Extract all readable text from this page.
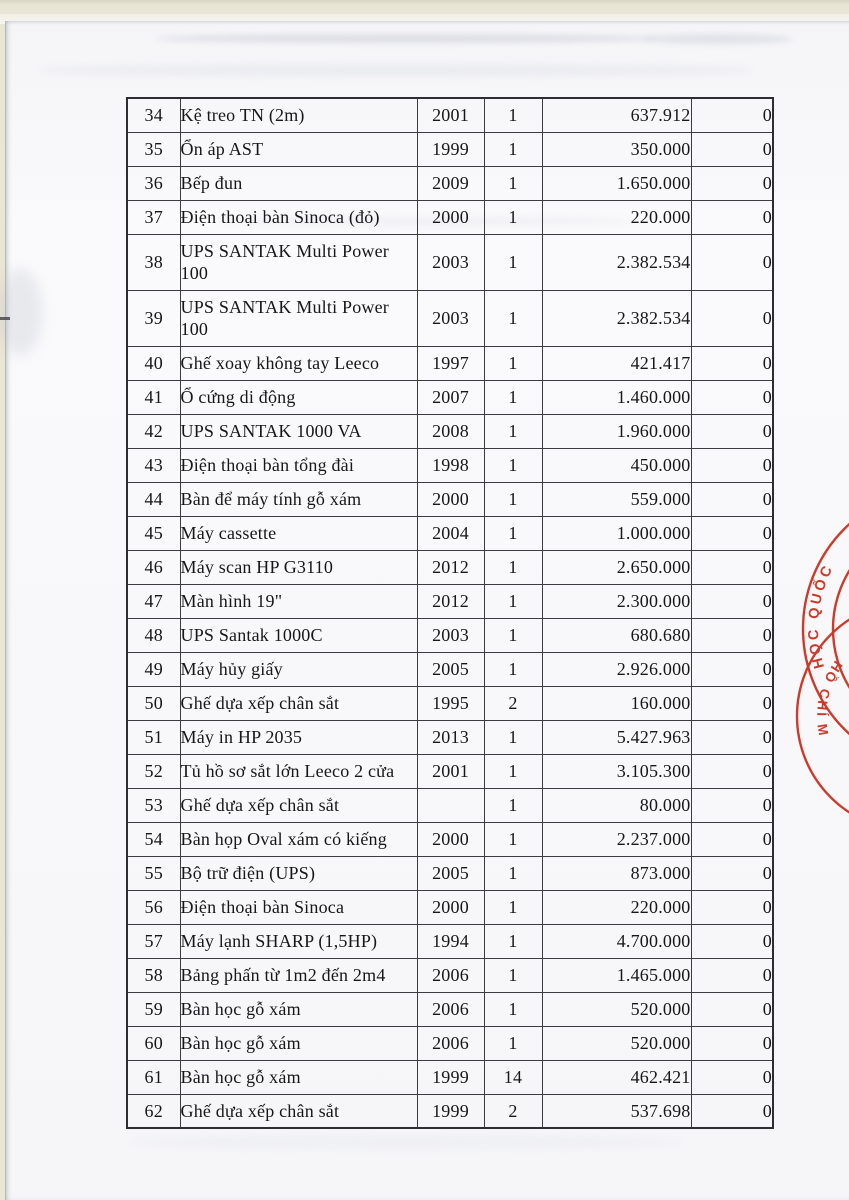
34	Kệ treo TN (2m)	2001	1	637.912	0
35	Ổn áp AST	1999	1	350.000	0
36	Bếp đun	2009	1	1.650.000	0
37	Điện thoại bàn Sinoca (đỏ)	2000	1	220.000	0
38	UPS SANTAK Multi Power 100	2003	1	2.382.534	0
39	UPS SANTAK Multi Power 100	2003	1	2.382.534	0
40	Ghế xoay không tay Leeco	1997	1	421.417	0
41	Ổ cứng di động	2007	1	1.460.000	0
42	UPS SANTAK 1000 VA	2008	1	1.960.000	0
43	Điện thoại bàn tổng đài	1998	1	450.000	0
44	Bàn để máy tính gỗ xám	2000	1	559.000	0
45	Máy cassette	2004	1	1.000.000	0
46	Máy scan HP G3110	2012	1	2.650.000	0
47	Màn hình 19"	2012	1	2.300.000	0
48	UPS Santak 1000C	2003	1	680.680	0
49	Máy hủy giấy	2005	1	2.926.000	0
50	Ghế dựa xếp chân sắt	1995	2	160.000	0
51	Máy in HP 2035	2013	1	5.427.963	0
52	Tủ hồ sơ sắt lớn Leeco 2 cửa	2001	1	3.105.300	0
53	Ghế dựa xếp chân sắt		1	80.000	0
54	Bàn họp Oval xám có kiếng	2000	1	2.237.000	0
55	Bộ trữ điện (UPS)	2005	1	873.000	0
56	Điện thoại bàn Sinoca	2000	1	220.000	0
57	Máy lạnh SHARP (1,5HP)	1994	1	4.700.000	0
58	Bảng phấn từ 1m2 đến 2m4	2006	1	1.465.000	0
59	Bàn học gỗ xám	2006	1	520.000	0
60	Bàn học gỗ xám	2006	1	520.000	0
61	Bàn học gỗ xám	1999	14	462.421	0
62	Ghế dựa xếp chân sắt	1999	2	537.698	0
HỌC QUỐC
HỒ CHÍ M
